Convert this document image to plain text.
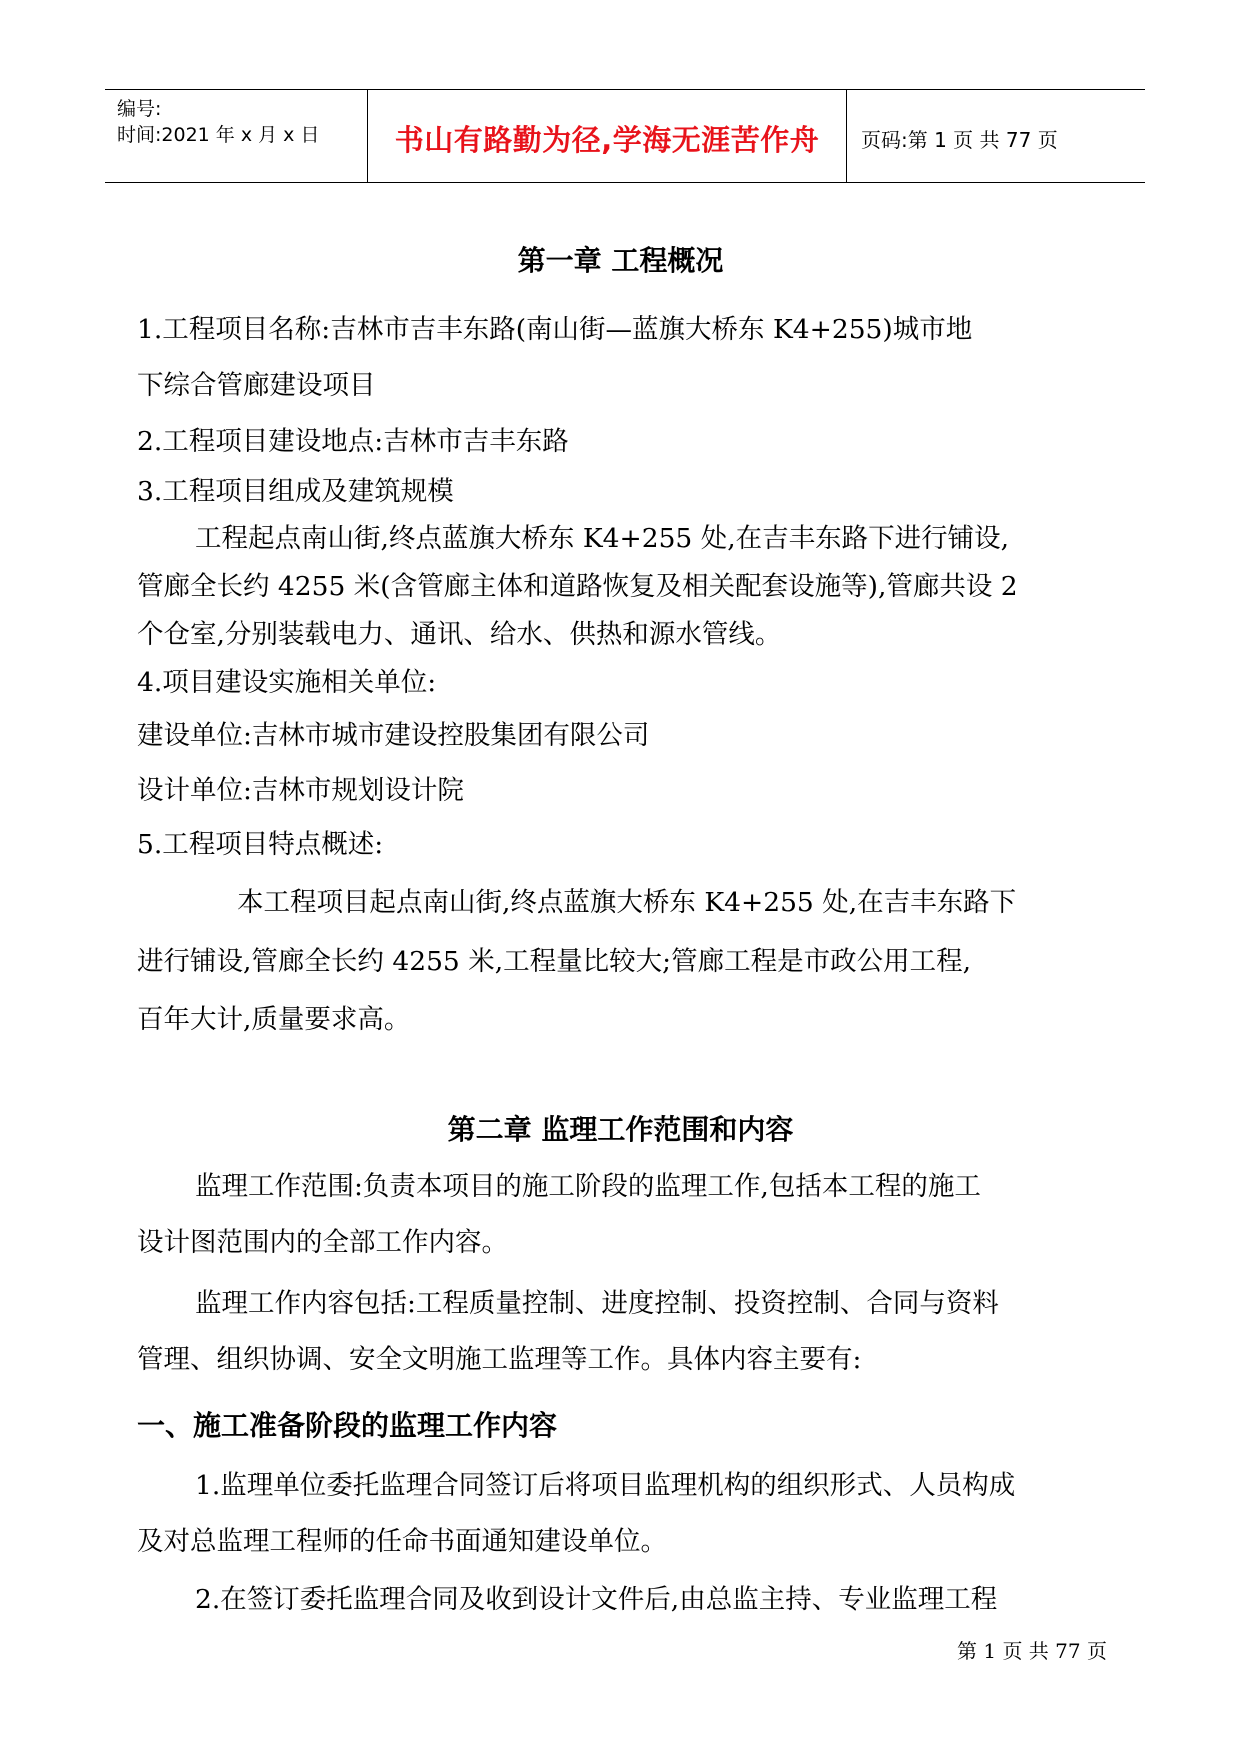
编号:
时间:2021 年 x 月 x 日	书山有路勤为径,学海无涯苦作舟	页码:第 1 页 共 77 页
第一章 工程概况
1.工程项目名称:吉林市吉丰东路(南山街—蓝旗大桥东 K4+255)城市地
下综合管廊建设项目
2.工程项目建设地点:吉林市吉丰东路
3.工程项目组成及建筑规模
工程起点南山街,终点蓝旗大桥东 K4+255 处,在吉丰东路下进行铺设,
管廊全长约 4255 米(含管廊主体和道路恢复及相关配套设施等),管廊共设 2
个仓室,分别装载电力、通讯、给水、供热和源水管线。
4.项目建设实施相关单位:
建设单位:吉林市城市建设控股集团有限公司
设计单位:吉林市规划设计院
5.工程项目特点概述:
本工程项目起点南山街,终点蓝旗大桥东 K4+255 处,在吉丰东路下
进行铺设,管廊全长约 4255 米,工程量比较大;管廊工程是市政公用工程,
百年大计,质量要求高。
第二章 监理工作范围和内容
监理工作范围:负责本项目的施工阶段的监理工作,包括本工程的施工
设计图范围内的全部工作内容。
监理工作内容包括:工程质量控制、进度控制、投资控制、合同与资料
管理、组织协调、安全文明施工监理等工作。具体内容主要有:
一、施工准备阶段的监理工作内容
1.监理单位委托监理合同签订后将项目监理机构的组织形式、人员构成
及对总监理工程师的任命书面通知建设单位。
2.在签订委托监理合同及收到设计文件后,由总监主持、专业监理工程
第 1 页 共 77 页
